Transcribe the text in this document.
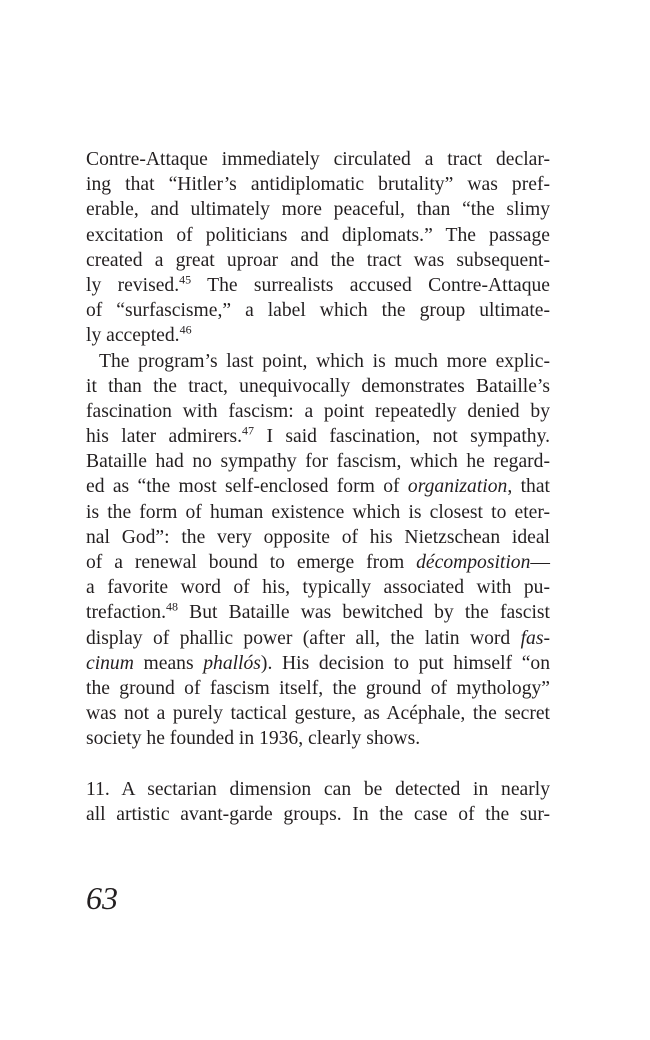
Contre-Attaque immediately circulated a tract declar-
ing that “Hitler’s antidiplomatic brutality” was pref-
erable, and ultimately more peaceful, than “the slimy
excitation of politicians and diplomats.” The passage
created a great uproar and the tract was subsequent-
ly revised.$^{45}$ The surrealists accused Contre-Attaque
of “surfascisme,” a label which the group ultimate-
ly accepted.$^{46}$
The program’s last point, which is much more explic-
it than the tract, unequivocally demonstrates Bataille’s
fascination with fascism: a point repeatedly denied by
his later admirers.$^{47}$ I said fascination, not sympathy.
Bataille had no sympathy for fascism, which he regard-
ed as “the most self-enclosed form of organization, that
is the form of human existence which is closest to eter-
nal God”: the very opposite of his Nietzschean ideal
of a renewal bound to emerge from décomposition—
a favorite word of his, typically associated with pu-
trefaction.$^{48}$ But Bataille was bewitched by the fascist
display of phallic power (after all, the latin word fas-
cinum means phallós). His decision to put himself “on
the ground of fascism itself, the ground of mythology”
was not a purely tactical gesture, as Acéphale, the secret
society he founded in 1936, clearly shows.
11. A sectarian dimension can be detected in nearly
all artistic avant-garde groups. In the case of the sur-
63
